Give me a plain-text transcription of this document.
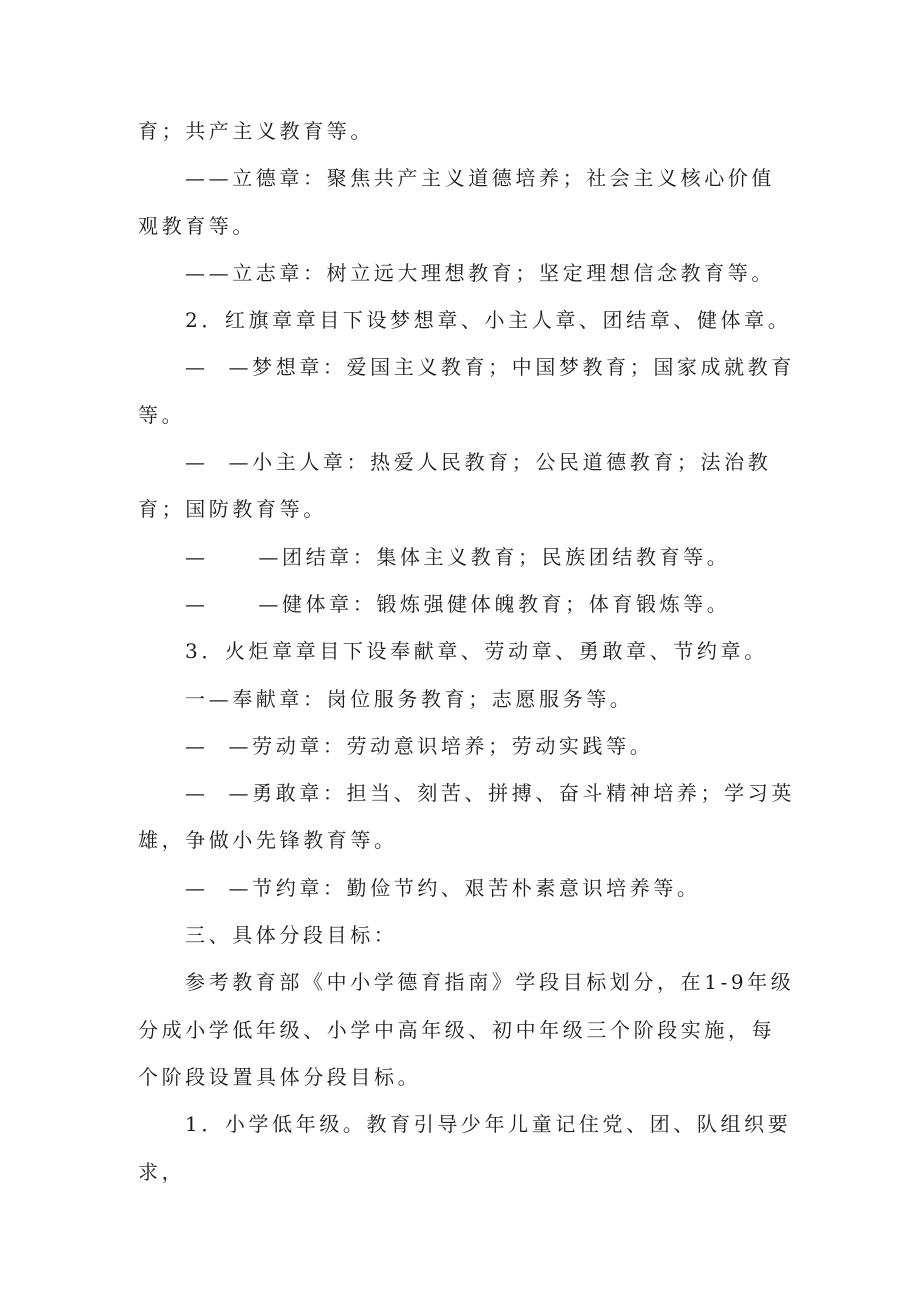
育；共产主义教育等。

——立德章：聚焦共产主义道德培养；社会主义核心价值观教育等。

——立志章：树立远大理想教育；坚定理想信念教育等。

2．红旗章章目下设梦想章、小主人章、团结章、健体章。

—  —梦想章：爱国主义教育；中国梦教育；国家成就教育等。

—  —小主人章：热爱人民教育；公民道德教育；法治教育；国防教育等。

—     —团结章：集体主义教育；民族团结教育等。

—     —健体章：锻炼强健体魄教育；体育锻炼等。

3．火炬章章目下设奉献章、劳动章、勇敢章、节约章。

一—奉献章：岗位服务教育；志愿服务等。

—  —劳动章：劳动意识培养；劳动实践等。

—  —勇敢章：担当、刻苦、拼搏、奋斗精神培养；学习英雄，争做小先锋教育等。

—  —节约章：勤俭节约、艰苦朴素意识培养等。

三、具体分段目标：

参考教育部《中小学德育指南》学段目标划分，在1-9年级分成小学低年级、小学中高年级、初中年级三个阶段实施，每个阶段设置具体分段目标。

1．小学低年级。教育引导少年儿童记住党、团、队组织要求，
